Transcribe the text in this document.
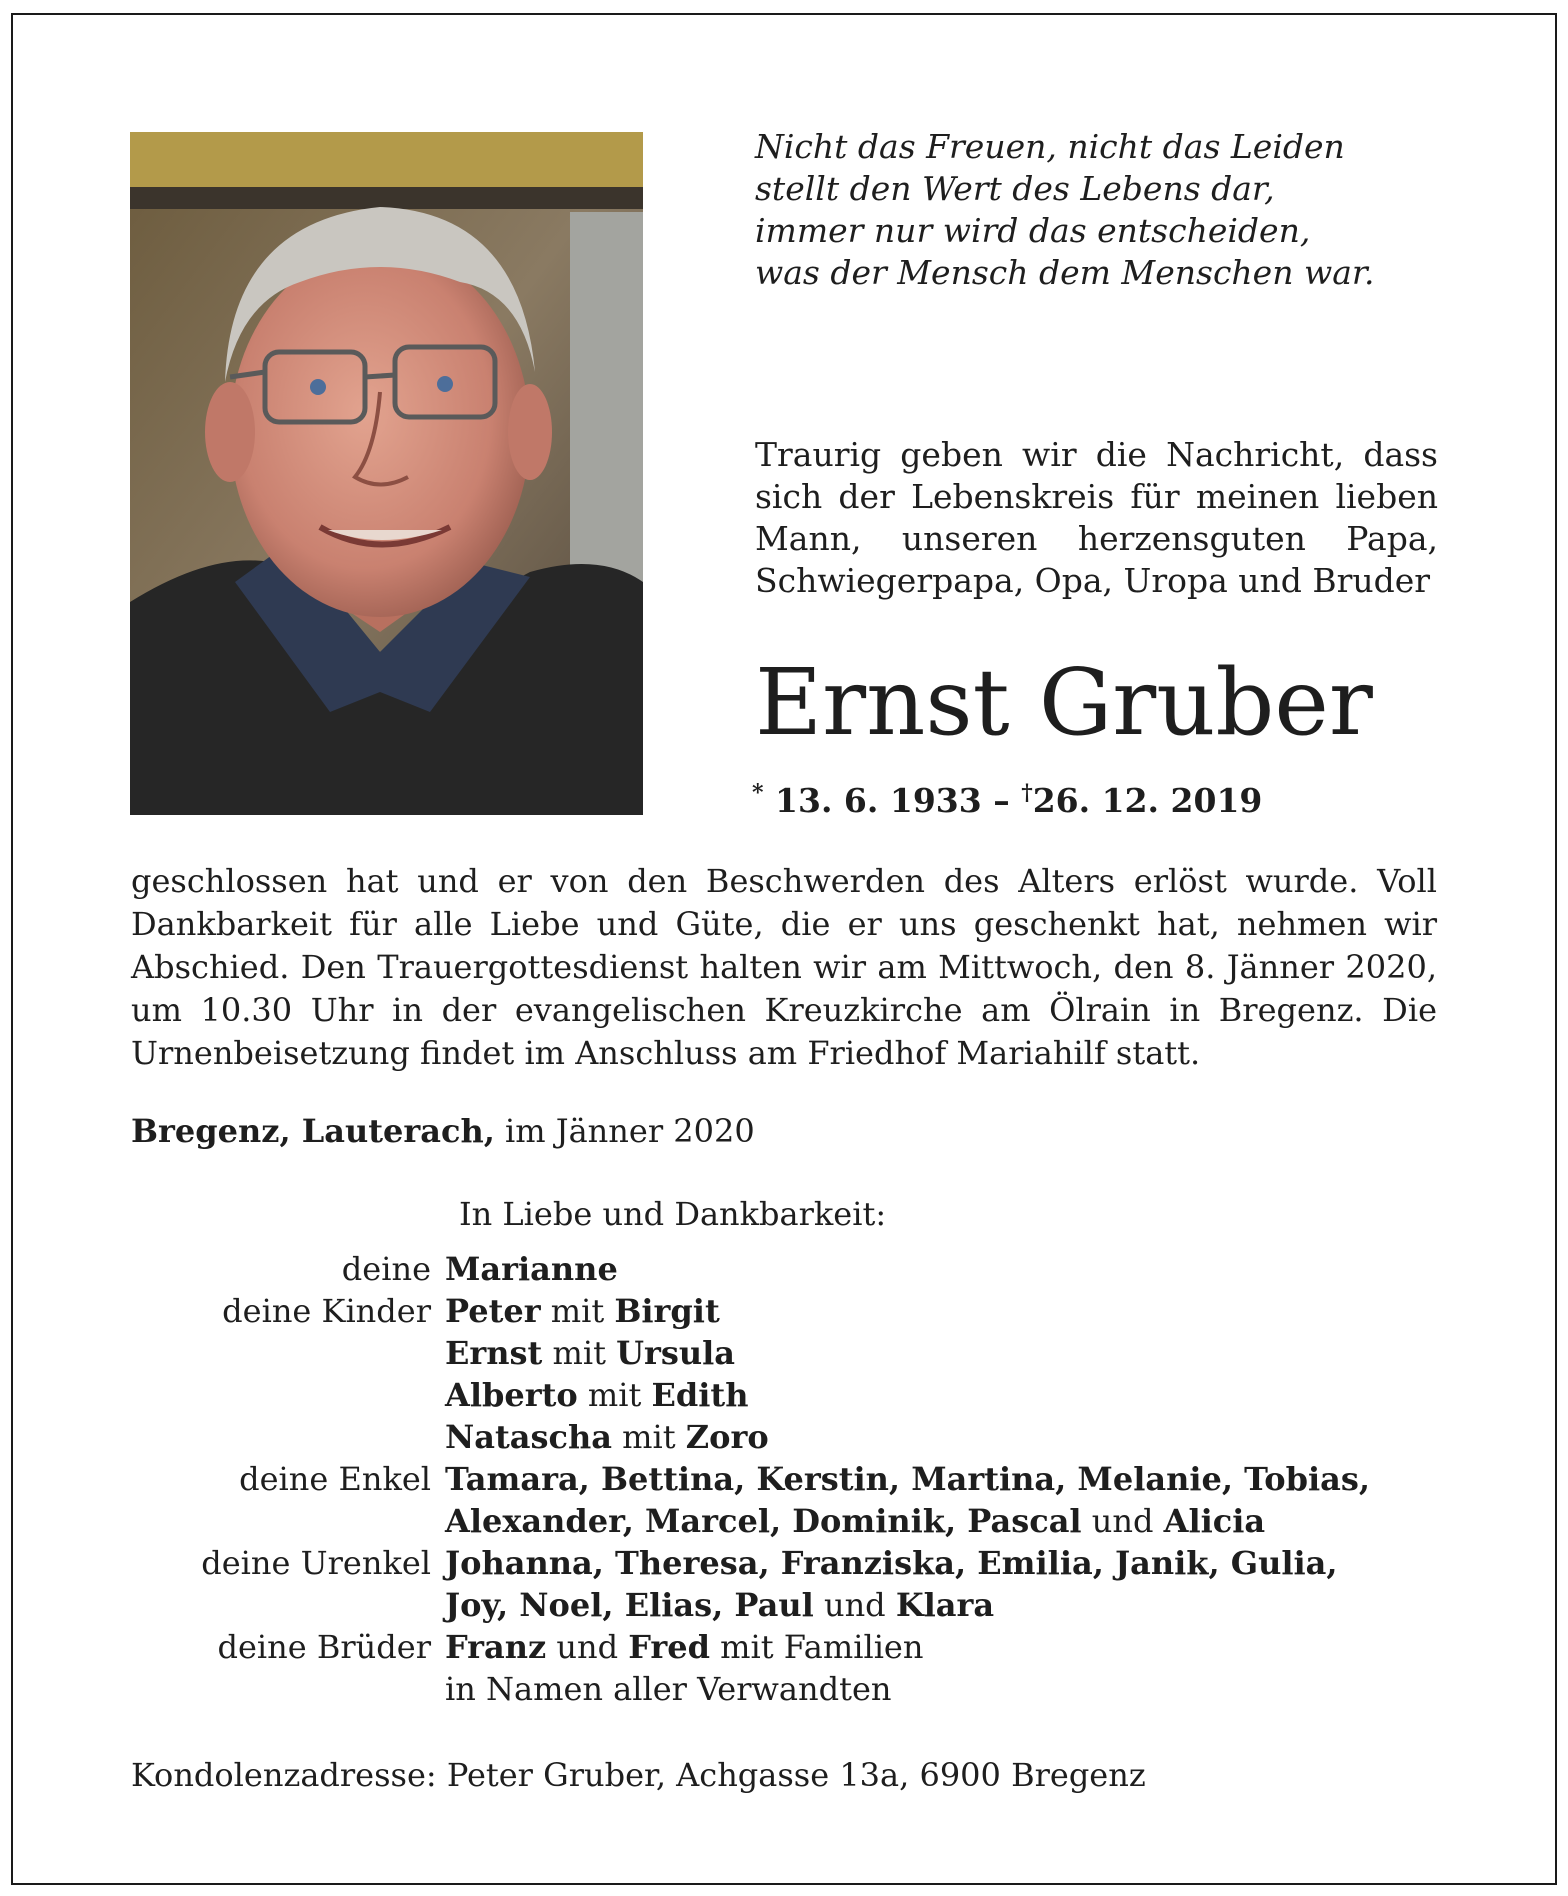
Nicht das Freuen, nicht das Leiden
stellt den Wert des Lebens dar,
immer nur wird das entscheiden,
was der Mensch dem Menschen war.
Traurig geben wir die Nachricht, dass sich der Lebenskreis für meinen lieben Mann, unseren herzensguten Papa, Schwiegerpapa, Opa, Uropa und Bruder
Ernst Gruber
* 13. 6. 1933 – †26. 12. 2019
geschlossen hat und er von den Beschwerden des Alters erlöst wurde. Voll Dankbarkeit für alle Liebe und Güte, die er uns geschenkt hat, nehmen wir Abschied. Den Trauergottesdienst halten wir am Mittwoch, den 8. Jänner 2020, um 10.30 Uhr in der evangelischen Kreuzkirche am Ölrain in Bregenz. Die Urnenbeisetzung findet im Anschluss am Friedhof Mariahilf statt.
Bregenz, Lauterach, im Jänner 2020
In Liebe und Dankbarkeit:
deine Marianne
deine Kinder Peter mit Birgit
Ernst mit Ursula
Alberto mit Edith
Natascha mit Zoro
deine Enkel Tamara, Bettina, Kerstin, Martina, Melanie, Tobias,
Alexander, Marcel, Dominik, Pascal und Alicia
deine Urenkel Johanna, Theresa, Franziska, Emilia, Janik, Gulia,
Joy, Noel, Elias, Paul und Klara
deine Brüder Franz und Fred mit Familien
in Namen aller Verwandten
Kondolenzadresse: Peter Gruber, Achgasse 13a, 6900 Bregenz
